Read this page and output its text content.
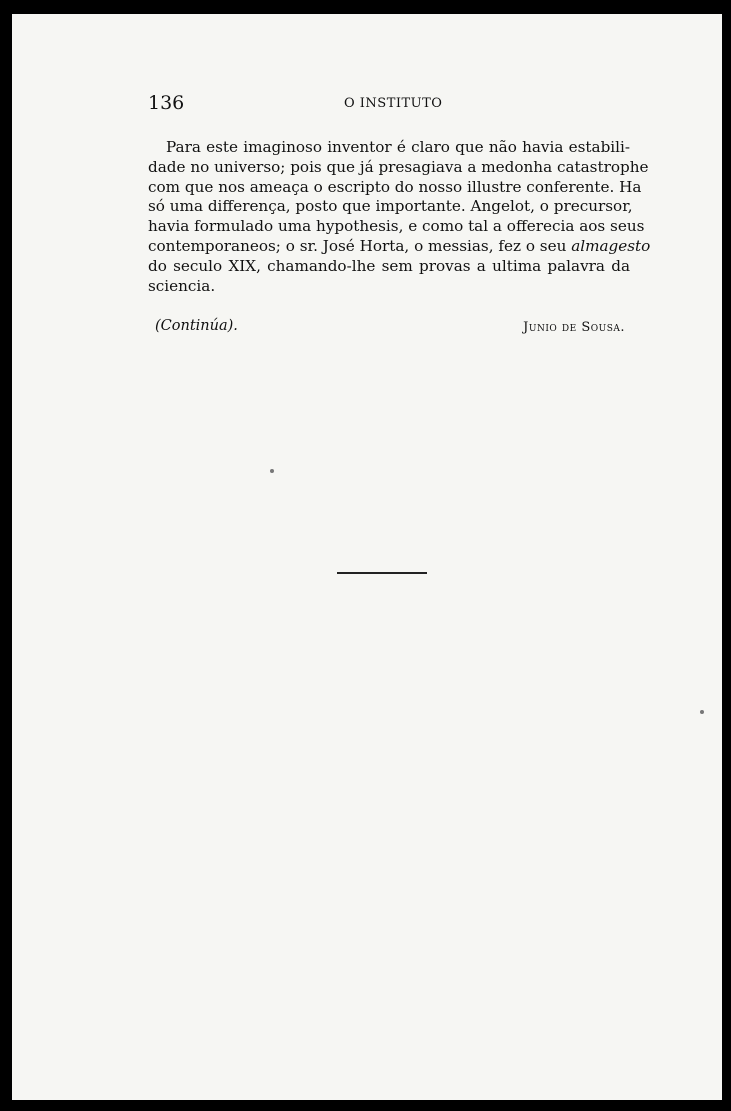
136	O INSTITUTO
Para este imaginoso inventor é claro que não havia estabili-
dade no universo; pois que já presagiava a medonha catastrophe
com que nos ameaça o escripto do nosso illustre conferente. Ha
só uma differença, posto que importante. Angelot, o precursor,
havia formulado uma hypothesis, e como tal a offerecia aos seus
contemporaneos; o sr. José Horta, o messias, fez o seu almagesto
do seculo XIX, chamando-lhe sem provas a ultima palavra da
sciencia.
(Continúa).	Junio de Sousa.
